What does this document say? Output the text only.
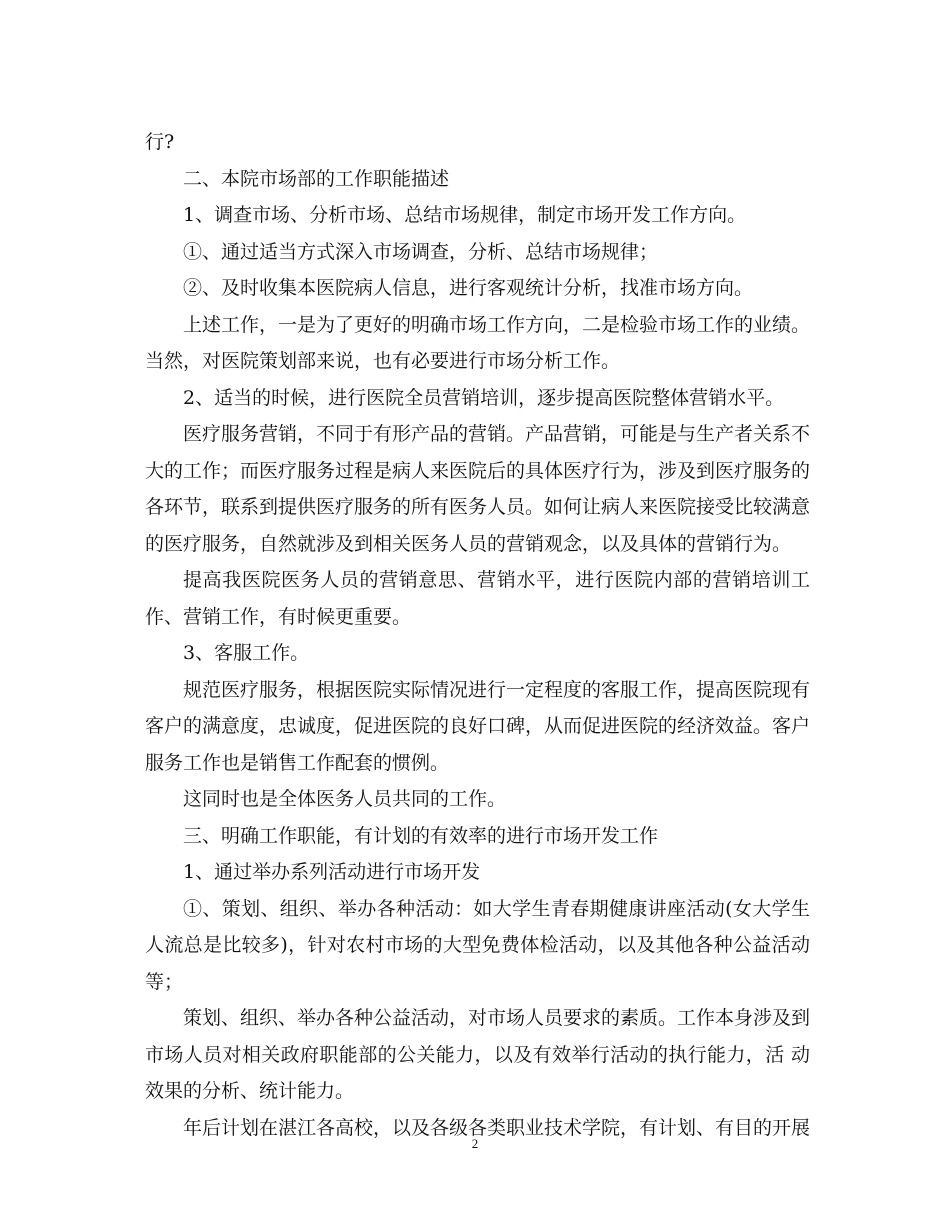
行?

二、本院市场部的工作职能描述

1、调查市场、分析市场、总结市场规律，制定市场开发工作方向。

①、通过适当方式深入市场调查，分析、总结市场规律；

②、及时收集本医院病人信息，进行客观统计分析，找准市场方向。

上述工作，一是为了更好的明确市场工作方向，二是检验市场工作的业绩。当然，对医院策划部来说，也有必要进行市场分析工作。

2、适当的时候，进行医院全员营销培训，逐步提高医院整体营销水平。

医疗服务营销，不同于有形产品的营销。产品营销，可能是与生产者关系不大的工作；而医疗服务过程是病人来医院后的具体医疗行为，涉及到医疗服务的各环节，联系到提供医疗服务的所有医务人员。如何让病人来医院接受比较满意的医疗服务，自然就涉及到相关医务人员的营销观念，以及具体的营销行为。

提高我医院医务人员的营销意思、营销水平，进行医院内部的营销培训工作、营销工作，有时候更重要。

3、客服工作。

规范医疗服务，根据医院实际情况进行一定程度的客服工作，提高医院现有客户的满意度，忠诚度，促进医院的良好口碑，从而促进医院的经济效益。客户服务工作也是销售工作配套的惯例。

这同时也是全体医务人员共同的工作。

三、明确工作职能，有计划的有效率的进行市场开发工作

1、通过举办系列活动进行市场开发

①、策划、组织、举办各种活动：如大学生青春期健康讲座活动(女大学生人流总是比较多)，针对农村市场的大型免费体检活动，以及其他各种公益活动等；

策划、组织、举办各种公益活动，对市场人员要求的素质。工作本身涉及到市场人员对相关政府职能部的公关能力，以及有效举行活动的执行能力，活 动效果的分析、统计能力。

年后计划在湛江各高校，以及各级各类职业技术学院，有计划、有目的开展

2
